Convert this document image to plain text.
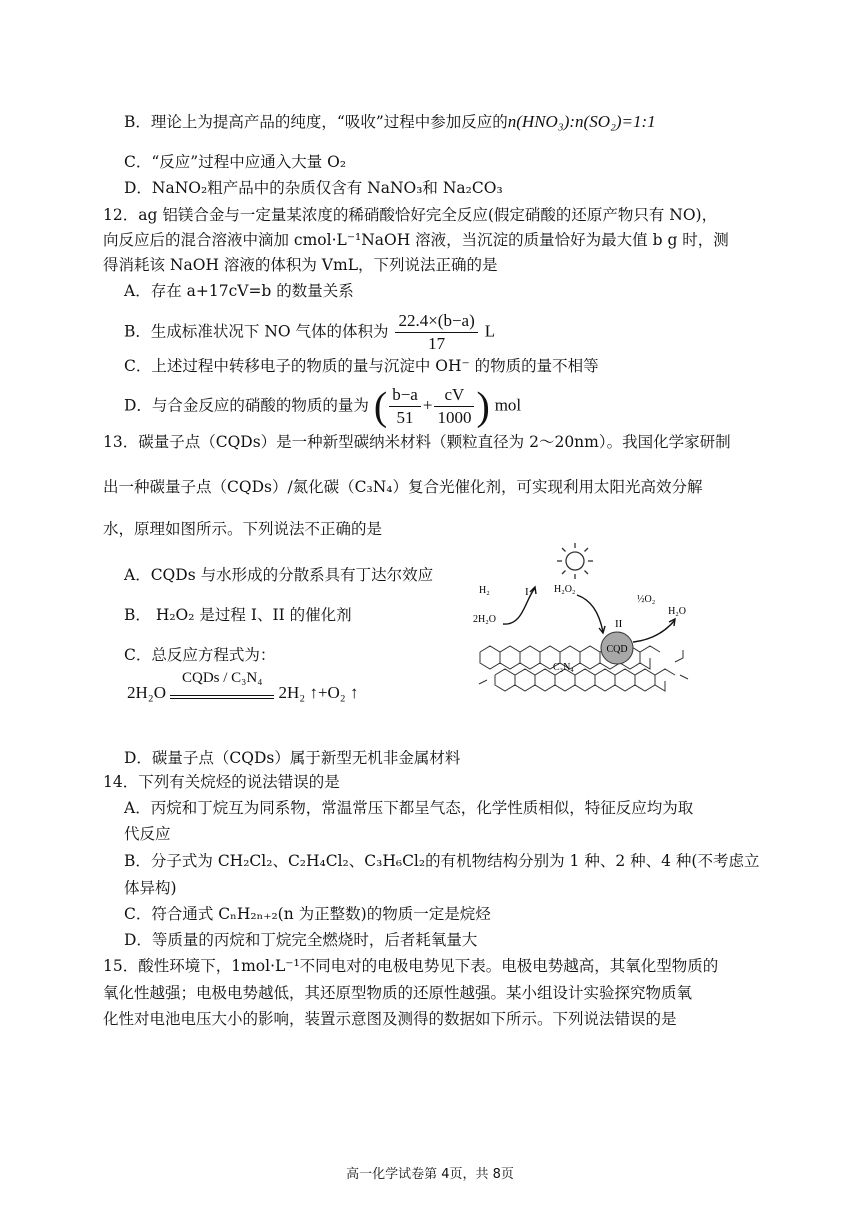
B．理论上为提高产品的纯度，“吸收”过程中参加反应的n(HNO₃):n(SO₂)=1:1
C．“反应”过程中应通入大量 O₂
D．NaNO₂粗产品中的杂质仅含有 NaNO₃和 Na₂CO₃
12．ag 铝镁合金与一定量某浓度的稀硝酸恰好完全反应(假定硝酸的还原产物只有 NO)，
向反应后的混合溶液中滴加 cmol·L⁻¹NaOH 溶液，当沉淀的质量恰好为最大值 b g 时，测
得消耗该 NaOH 溶液的体积为 VmL，下列说法正确的是
A．存在 a+17cV=b 的数量关系
B．生成标准状况下 NO 气体的体积为 $\frac{22.4\times(b-a)}{17}$ L
C．上述过程中转移电子的物质的量与沉淀中 OH⁻ 的物质的量不相等
D．与合金反应的硝酸的物质的量为 ( $\frac{b-a}{51} + \frac{cV}{1000}$ ) mol
13．碳量子点（CQDs）是一种新型碳纳米材料（颗粒直径为 2～20nm）。我国化学家研制
出一种碳量子点（CQDs）/氮化碳（C₃N₄）复合光催化剂，可实现利用太阳光高效分解
水，原理如图所示。下列说法不正确的是
A．CQDs 与水形成的分散系具有丁达尔效应
B． H₂O₂ 是过程 I、II 的催化剂
C．总反应方程式为：
2H₂O
CQDs / C₃N₄
2H₂ ↑+O₂ ↑
D．碳量子点（CQDs）属于新型无机非金属材料
H₂	I	H₂O₂
II
½O₂
H₂O
2H₂O
CQD
C₃N₄
14．下列有关烷烃的说法错误的是
A．丙烷和丁烷互为同系物，常温常压下都呈气态，化学性质相似，特征反应均为取
代反应
B．分子式为 CH₂Cl₂、C₂H₄Cl₂、C₃H₆Cl₂的有机物结构分别为 1 种、2 种、4 种(不考虑立
体异构)
C．符合通式 CₙH₂ₙ₊₂(n 为正整数)的物质一定是烷烃
D．等质量的丙烷和丁烷完全燃烧时，后者耗氧量大
15．酸性环境下，1mol·L⁻¹不同电对的电极电势见下表。电极电势越高，其氧化型物质的
氧化性越强；电极电势越低，其还原型物质的还原性越强。某小组设计实验探究物质氧
化性对电池电压大小的影响，装置示意图及测得的数据如下所示。下列说法错误的是
高一化学试卷第 4页，共 8页
